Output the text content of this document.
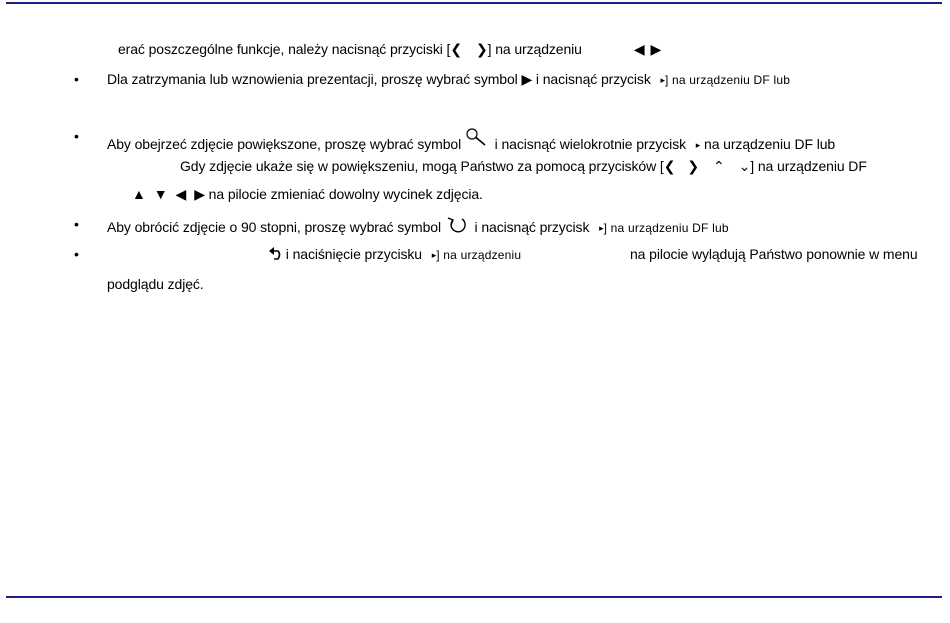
erać poszczególne funkcje, należy nacisnąć przyciski [❮ ❯] na urządzeniu	◀ ▶
• Dla zatrzymania lub wznowienia prezentacji, proszę wybrać symbol ▶ i nacisnąć przycisk ▸] na urządzeniu DF lub
• Aby obejrzeć zdjęcie powiększone, proszę wybrać symbol  i nacisnąć wielokrotnie przycisk ▸ na urządzeniu DF lub
Gdy zdjęcie ukaże się w powiększeniu, mogą Państwo za pomocą przycisków [❮ ❯ ⌃ ⌄] na urządzeniu DF
▲ ▼ ◀ ▶ na pilocie zmieniać dowolny wycinek zdjęcia.
• Aby obrócić zdjęcie o 90 stopni, proszę wybrać symbol  i nacisnąć przycisk ▸] na urządzeniu DF lub
•	i naciśnięcie przycisku ▸] na urządzeniu	na pilocie wylądują Państwo ponownie w menu
podglądu zdjęć.
